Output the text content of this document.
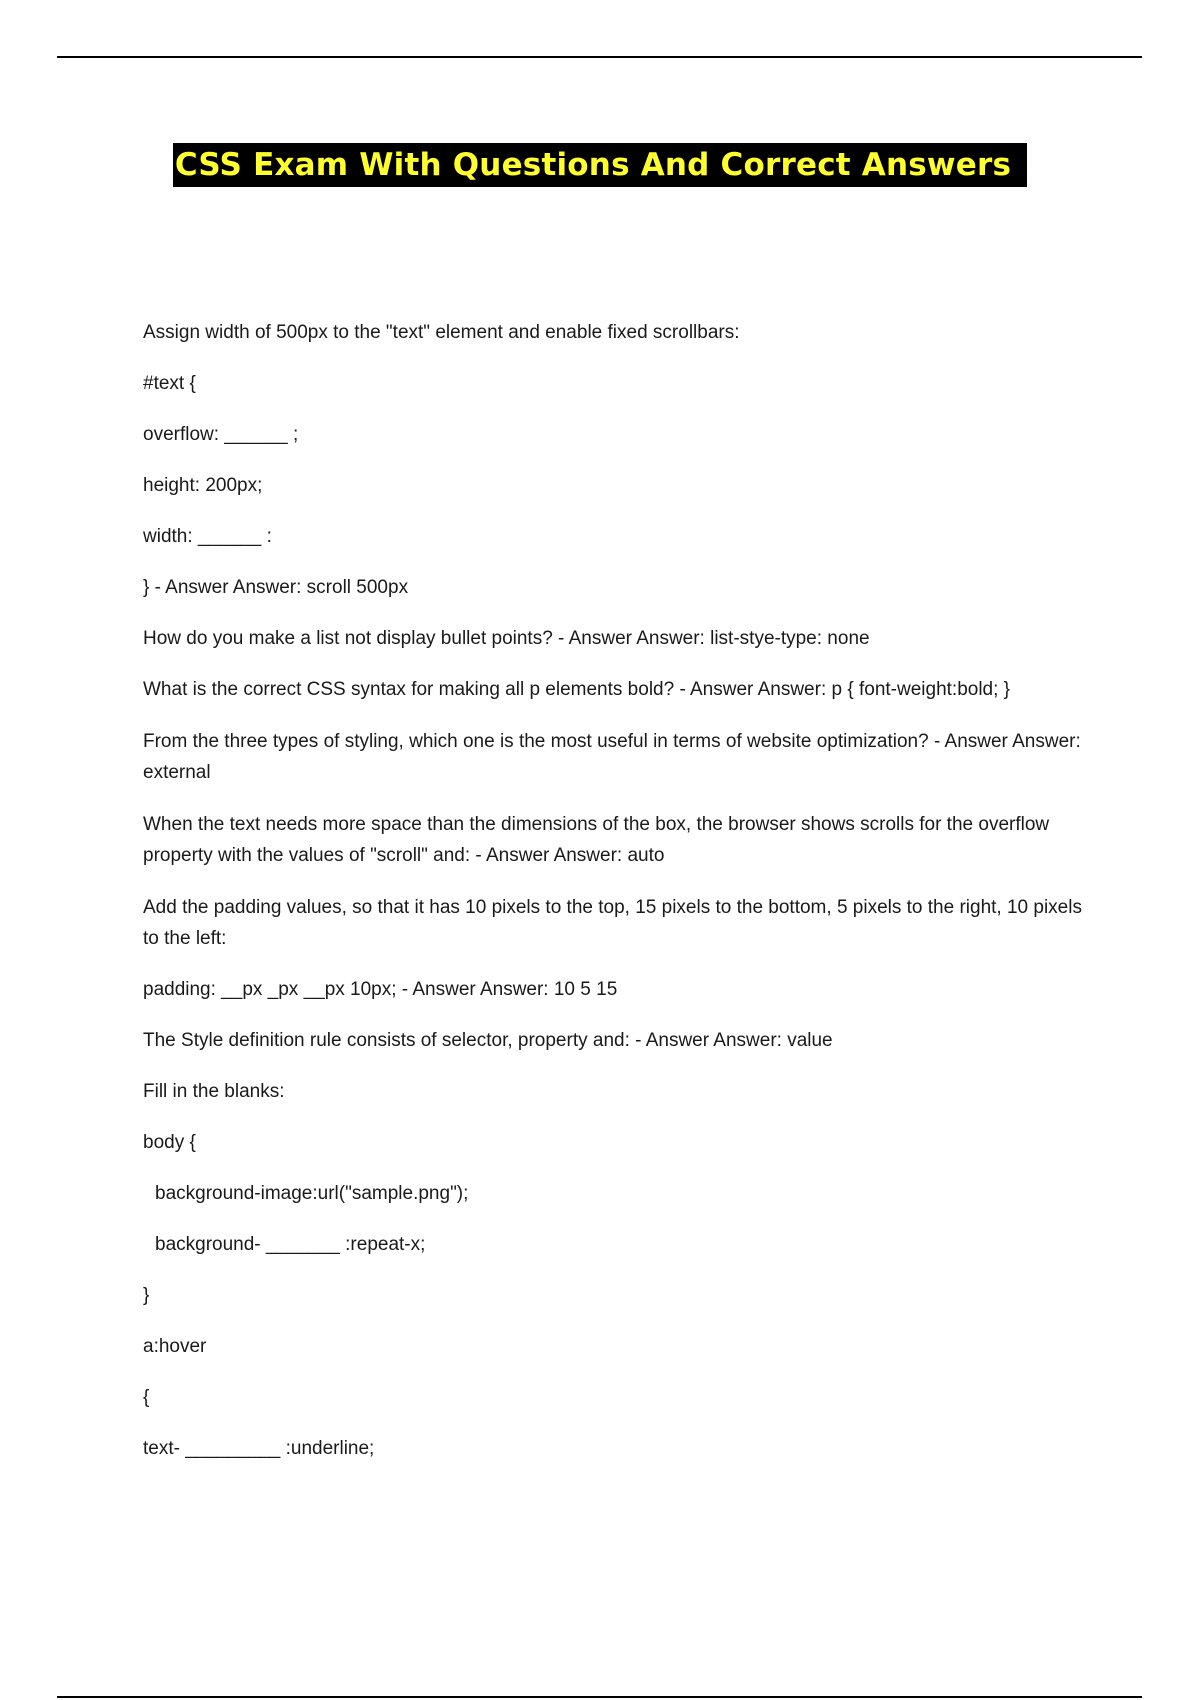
CSS Exam With Questions And Correct Answers

Assign width of 500px to the "text" element and enable fixed scrollbars:

#text {

overflow: ______ ;

height: 200px;

width: ______ :

} - Answer Answer: scroll 500px

How do you make a list not display bullet points? - Answer Answer: list-stye-type: none

What is the correct CSS syntax for making all p elements bold? - Answer Answer: p { font-weight:bold; }

From the three types of styling, which one is the most useful in terms of website optimization? - Answer Answer: external

When the text needs more space than the dimensions of the box, the browser shows scrolls for the overflow property with the values of "scroll" and: - Answer Answer: auto

Add the padding values, so that it has 10 pixels to the top, 15 pixels to the bottom, 5 pixels to the right, 10 pixels to the left:

padding: __px _px __px 10px; - Answer Answer: 10 5 15

The Style definition rule consists of selector, property and: - Answer Answer: value

Fill in the blanks:

body {

background-image:url("sample.png");

background- _______ :repeat-x;

}

a:hover

{

text- _________ :underline;
